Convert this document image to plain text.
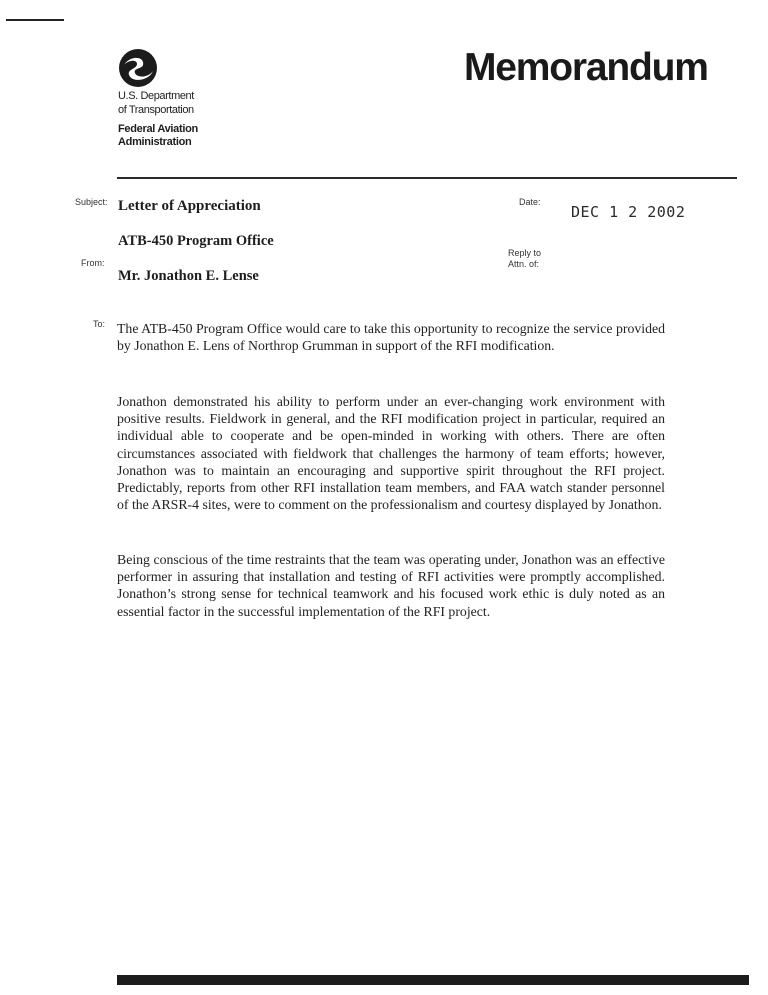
U.S. Department
of Transportation
Federal Aviation
Administration
Memorandum
Subject: Letter of Appreciation
ATB-450 Program Office
From:
Mr. Jonathon E. Lense
Date:
DEC 1 2 2002
Reply to
Attn. of:
To: The ATB-450 Program Office would care to take this opportunity to recognize the service provided by Jonathon E. Lens of Northrop Grumman in support of the RFI modification.

Jonathon demonstrated his ability to perform under an ever-changing work environment with positive results. Fieldwork in general, and the RFI modification project in particular, required an individual able to cooperate and be open-minded in working with others. There are often circumstances associated with fieldwork that challenges the harmony of team efforts; however, Jonathon was to maintain an encouraging and supportive spirit throughout the RFI project. Predictably, reports from other RFI installation team members, and FAA watch stander personnel of the ARSR-4 sites, were to comment on the professionalism and courtesy displayed by Jonathon.

Being conscious of the time restraints that the team was operating under, Jonathon was an effective performer in assuring that installation and testing of RFI activities were promptly accomplished. Jonathon’s strong sense for technical teamwork and his focused work ethic is duly noted as an essential factor in the successful implementation of the RFI project.
